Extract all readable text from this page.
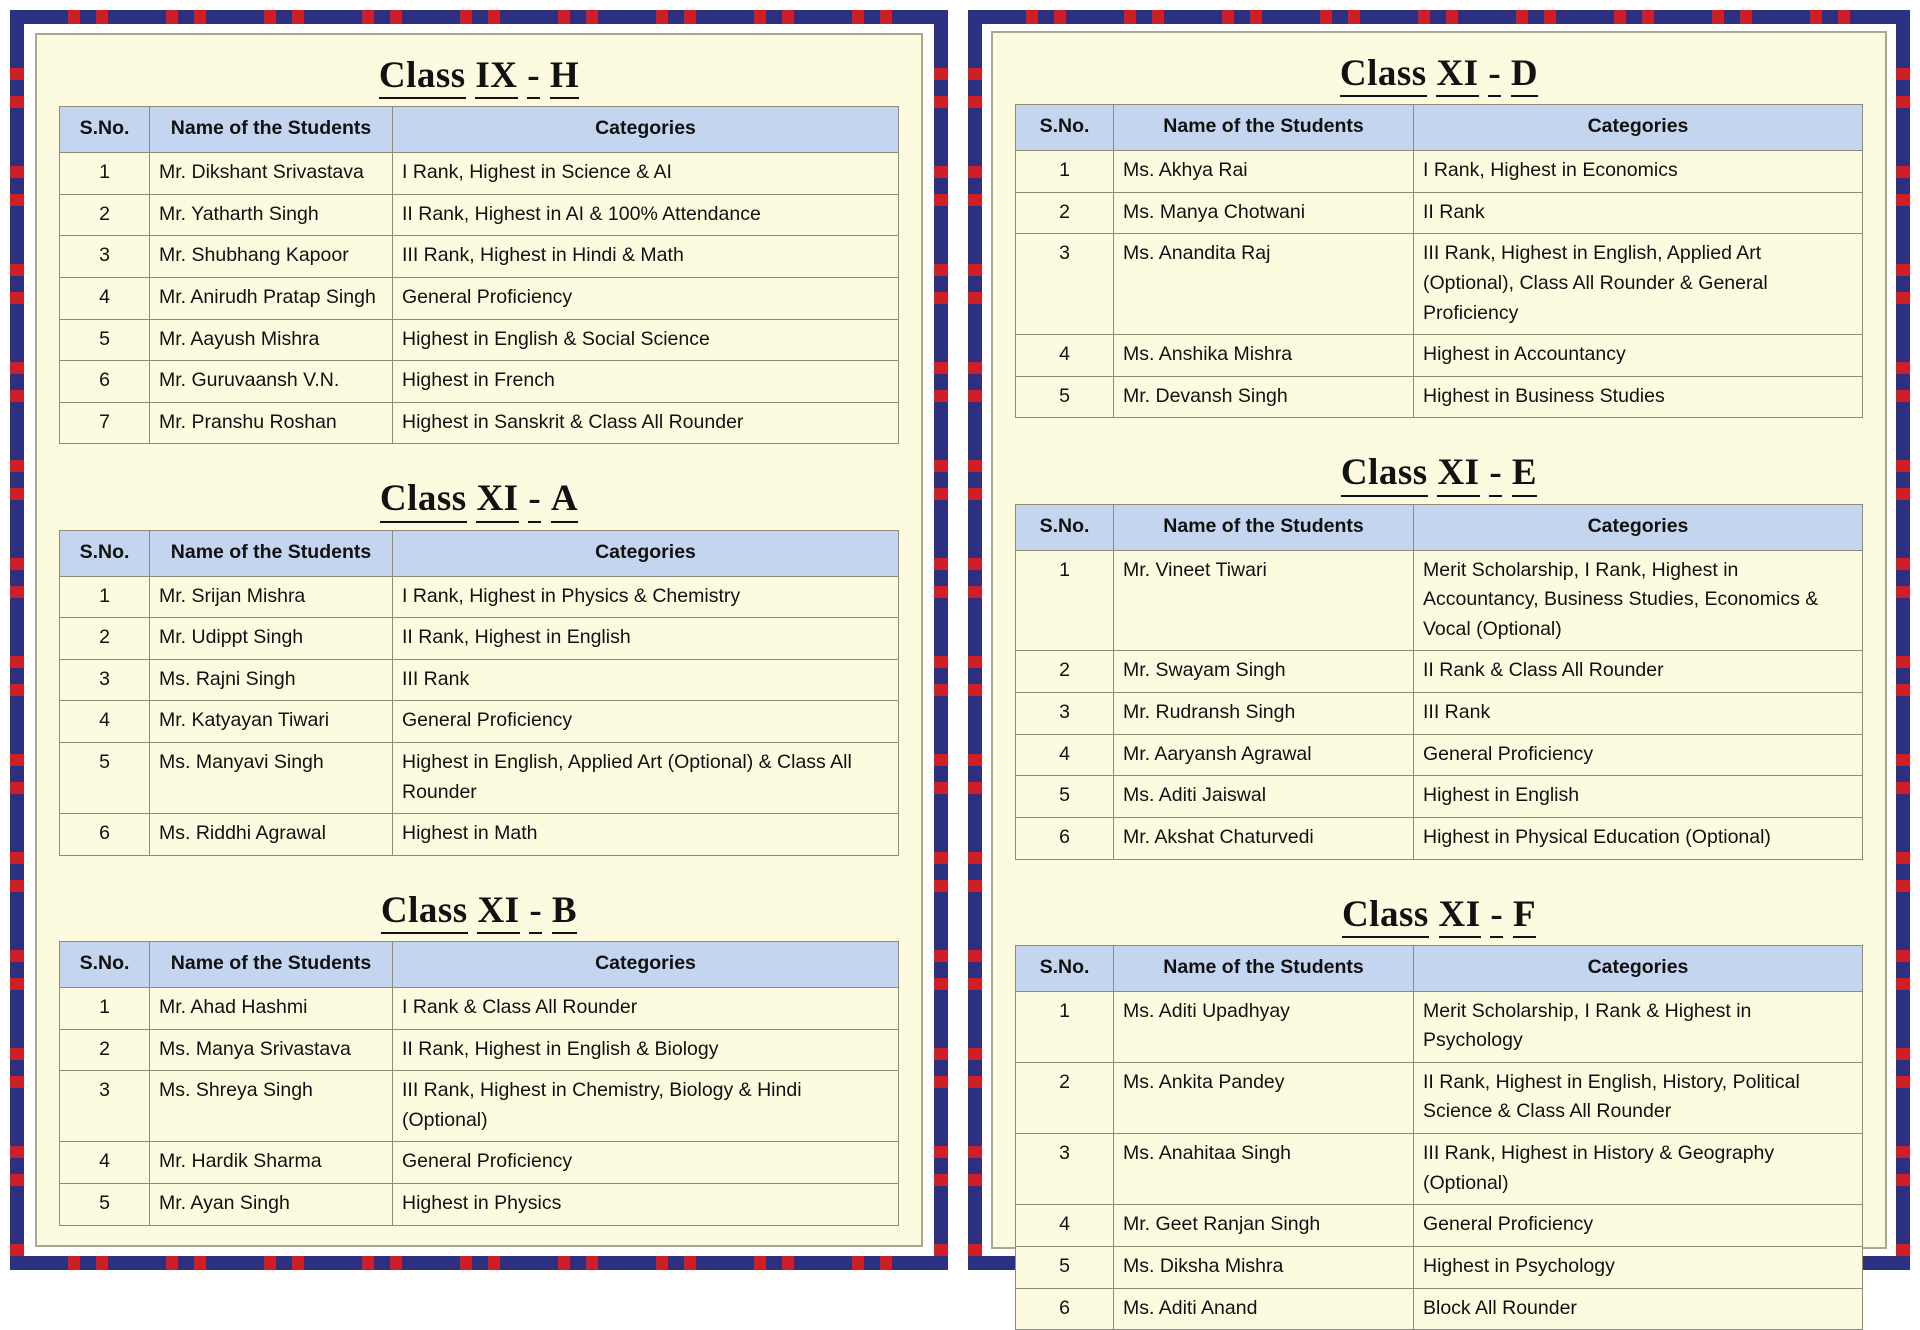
Class IX - H
S.No.	Name of the Students	Categories
1	Mr. Dikshant Srivastava	I Rank, Highest in Science & AI
2	Mr. Yatharth Singh	II Rank, Highest in AI & 100% Attendance
3	Mr. Shubhang Kapoor	III Rank, Highest in Hindi & Math
4	Mr. Anirudh Pratap Singh	General Proficiency
5	Mr. Aayush Mishra	Highest in English & Social Science
6	Mr. Guruvaansh V.N.	Highest in French
7	Mr. Pranshu Roshan	Highest in Sanskrit & Class All Rounder
Class XI - A
S.No.	Name of the Students	Categories
1	Mr. Srijan Mishra	I Rank, Highest in Physics & Chemistry
2	Mr. Udippt Singh	II Rank, Highest in English
3	Ms. Rajni Singh	III Rank
4	Mr. Katyayan Tiwari	General Proficiency
5	Ms. Manyavi Singh	Highest in English, Applied Art (Optional) & Class All Rounder
6	Ms. Riddhi Agrawal	Highest in Math
Class XI - B
S.No.	Name of the Students	Categories
1	Mr. Ahad Hashmi	I Rank & Class All Rounder
2	Ms. Manya Srivastava	II Rank, Highest in English & Biology
3	Ms. Shreya Singh	III Rank, Highest in Chemistry, Biology & Hindi (Optional)
4	Mr. Hardik Sharma	General Proficiency
5	Mr. Ayan Singh	Highest in Physics
Class XI - D
S.No.	Name of the Students	Categories
1	Ms. Akhya Rai	I Rank, Highest in Economics
2	Ms. Manya Chotwani	II Rank
3	Ms. Anandita Raj	III Rank, Highest in English, Applied Art (Optional), Class All Rounder & General Proficiency
4	Ms. Anshika Mishra	Highest in Accountancy
5	Mr. Devansh Singh	Highest in Business Studies
Class XI - E
S.No.	Name of the Students	Categories
1	Mr. Vineet Tiwari	Merit Scholarship, I Rank, Highest in Accountancy, Business Studies, Economics & Vocal (Optional)
2	Mr. Swayam Singh	II Rank & Class All Rounder
3	Mr. Rudransh Singh	III Rank
4	Mr. Aaryansh Agrawal	General Proficiency
5	Ms. Aditi Jaiswal	Highest in English
6	Mr. Akshat Chaturvedi	Highest in Physical Education (Optional)
Class XI - F
S.No.	Name of the Students	Categories
1	Ms. Aditi Upadhyay	Merit Scholarship, I Rank & Highest in Psychology
2	Ms. Ankita Pandey	II Rank, Highest in English, History, Political Science & Class All Rounder
3	Ms. Anahitaa Singh	III Rank, Highest in History & Geography (Optional)
4	Mr. Geet Ranjan Singh	General Proficiency
5	Ms. Diksha Mishra	Highest in Psychology
6	Ms. Aditi Anand	Block All Rounder
